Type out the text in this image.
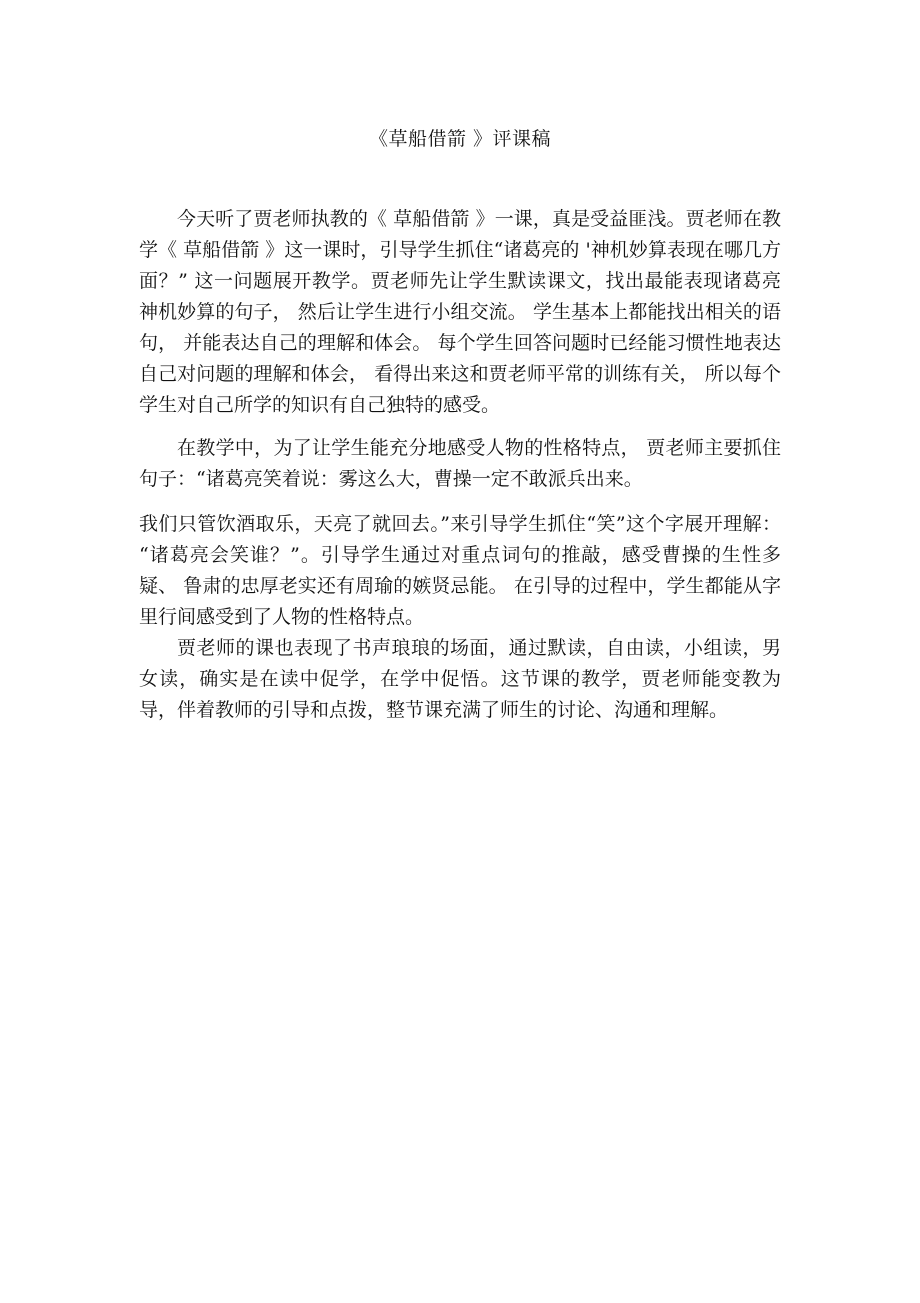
《草船借箭 》评课稿

今天听了贾老师执教的《 草船借箭 》一课，真是受益匪浅。贾老师在教学《 草船借箭 》这一课时，引导学生抓住“诸葛亮的 '神机妙算表现在哪几方面？” 这一问题展开教学。贾老师先让学生默读课文，找出最能表现诸葛亮神机妙算的句子， 然后让学生进行小组交流。 学生基本上都能找出相关的语句， 并能表达自己的理解和体会。 每个学生回答问题时已经能习惯性地表达自己对问题的理解和体会， 看得出来这和贾老师平常的训练有关， 所以每个学生对自己所学的知识有自己独特的感受。

在教学中，为了让学生能充分地感受人物的性格特点， 贾老师主要抓住句子：“诸葛亮笑着说：雾这么大，曹操一定不敢派兵出来。

我们只管饮酒取乐，天亮了就回去。”来引导学生抓住“笑”这个字展开理解： “诸葛亮会笑谁？”。引导学生通过对重点词句的推敲，感受曹操的生性多疑、 鲁肃的忠厚老实还有周瑜的嫉贤忌能。 在引导的过程中，学生都能从字里行间感受到了人物的性格特点。

贾老师的课也表现了书声琅琅的场面，通过默读，自由读，小组读，男女读，确实是在读中促学，在学中促悟。这节课的教学，贾老师能变教为导，伴着教师的引导和点拨，整节课充满了师生的讨论、沟通和理解。
